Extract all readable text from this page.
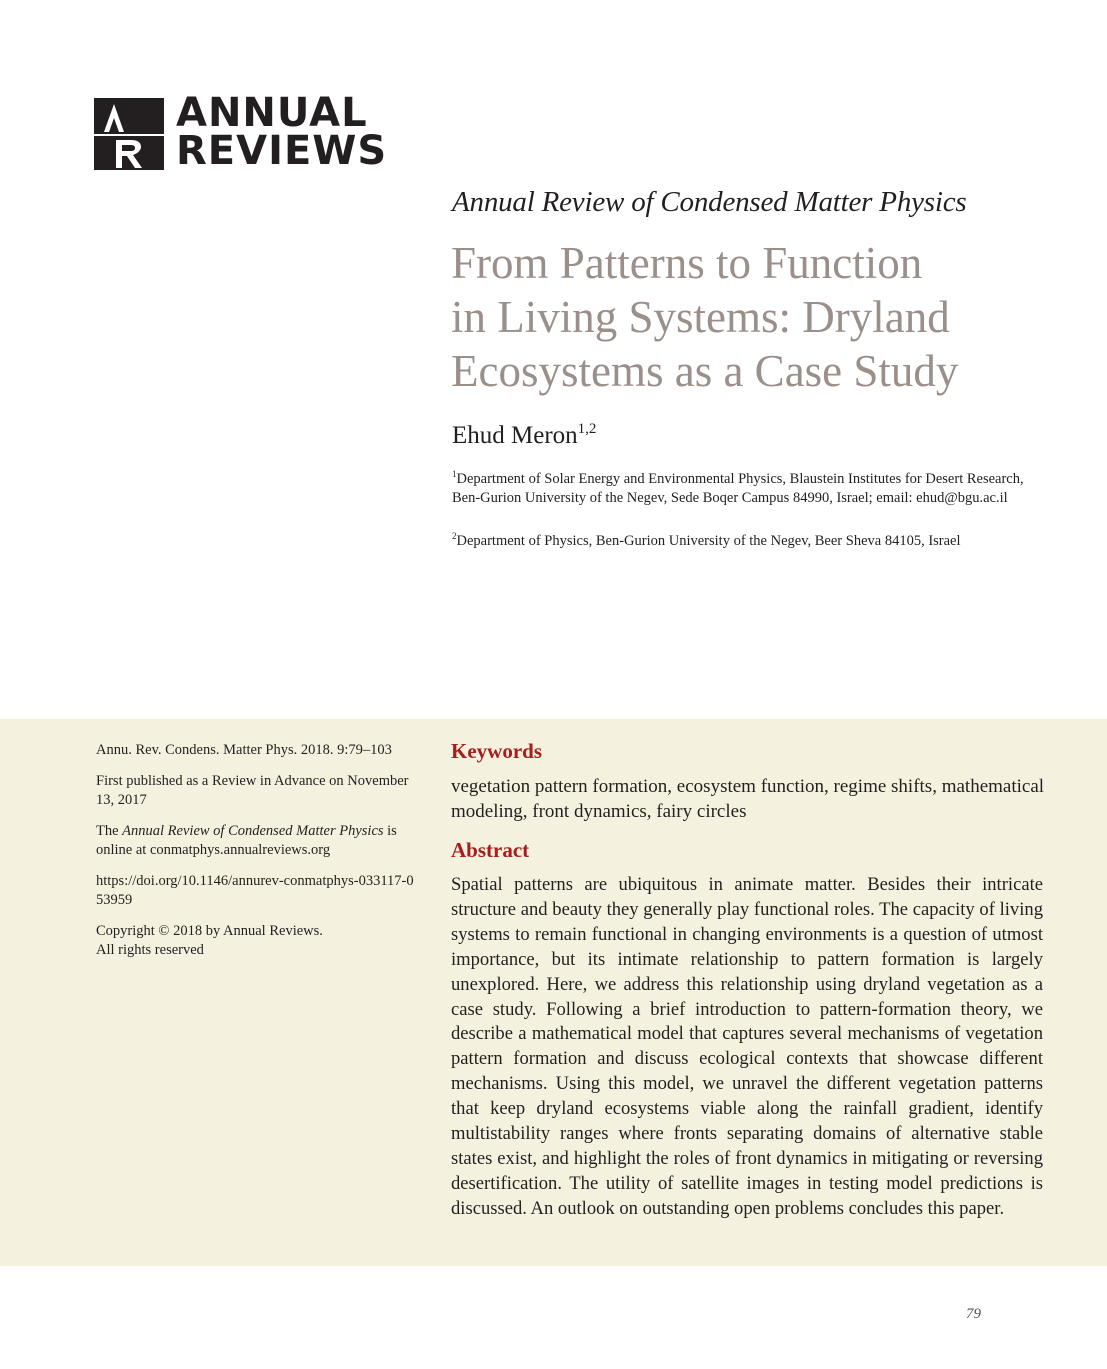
ANNUAL
REVIEWS
Annual Review of Condensed Matter Physics
From Patterns to Function
in Living Systems: Dryland
Ecosystems as a Case Study
Ehud Meron$^{1,2}$
$^1$Department of Solar Energy and Environmental Physics, Blaustein Institutes for Desert Research, Ben-Gurion University of the Negev, Sede Boqer Campus 84990, Israel; email: ehud@bgu.ac.il
$^2$Department of Physics, Ben-Gurion University of the Negev, Beer Sheva 84105, Israel

Annu. Rev. Condens. Matter Phys. 2018. 9:79–103

First published as a Review in Advance on November 13, 2017

The Annual Review of Condensed Matter Physics is online at conmatphys.annualreviews.org

https://doi.org/10.1146/annurev-conmatphys-033117-053959

Copyright © 2018 by Annual Reviews.
All rights reserved

Keywords
vegetation pattern formation, ecosystem function, regime shifts, mathematical modeling, front dynamics, fairy circles
Abstract
Spatial patterns are ubiquitous in animate matter. Besides their intricate structure and beauty they generally play functional roles. The capacity of living systems to remain functional in changing environments is a question of utmost importance, but its intimate relationship to pattern formation is largely unexplored. Here, we address this relationship using dryland vegetation as a case study. Following a brief introduction to pattern-formation theory, we describe a mathematical model that captures several mechanisms of vegetation pattern formation and discuss ecological contexts that showcase different mechanisms. Using this model, we unravel the different vegetation patterns that keep dryland ecosystems viable along the rainfall gradient, identify multistability ranges where fronts separating domains of alternative stable states exist, and highlight the roles of front dynamics in mitigating or reversing desertification. The utility of satellite images in testing model predictions is discussed. An outlook on outstanding open problems concludes this paper.
79
